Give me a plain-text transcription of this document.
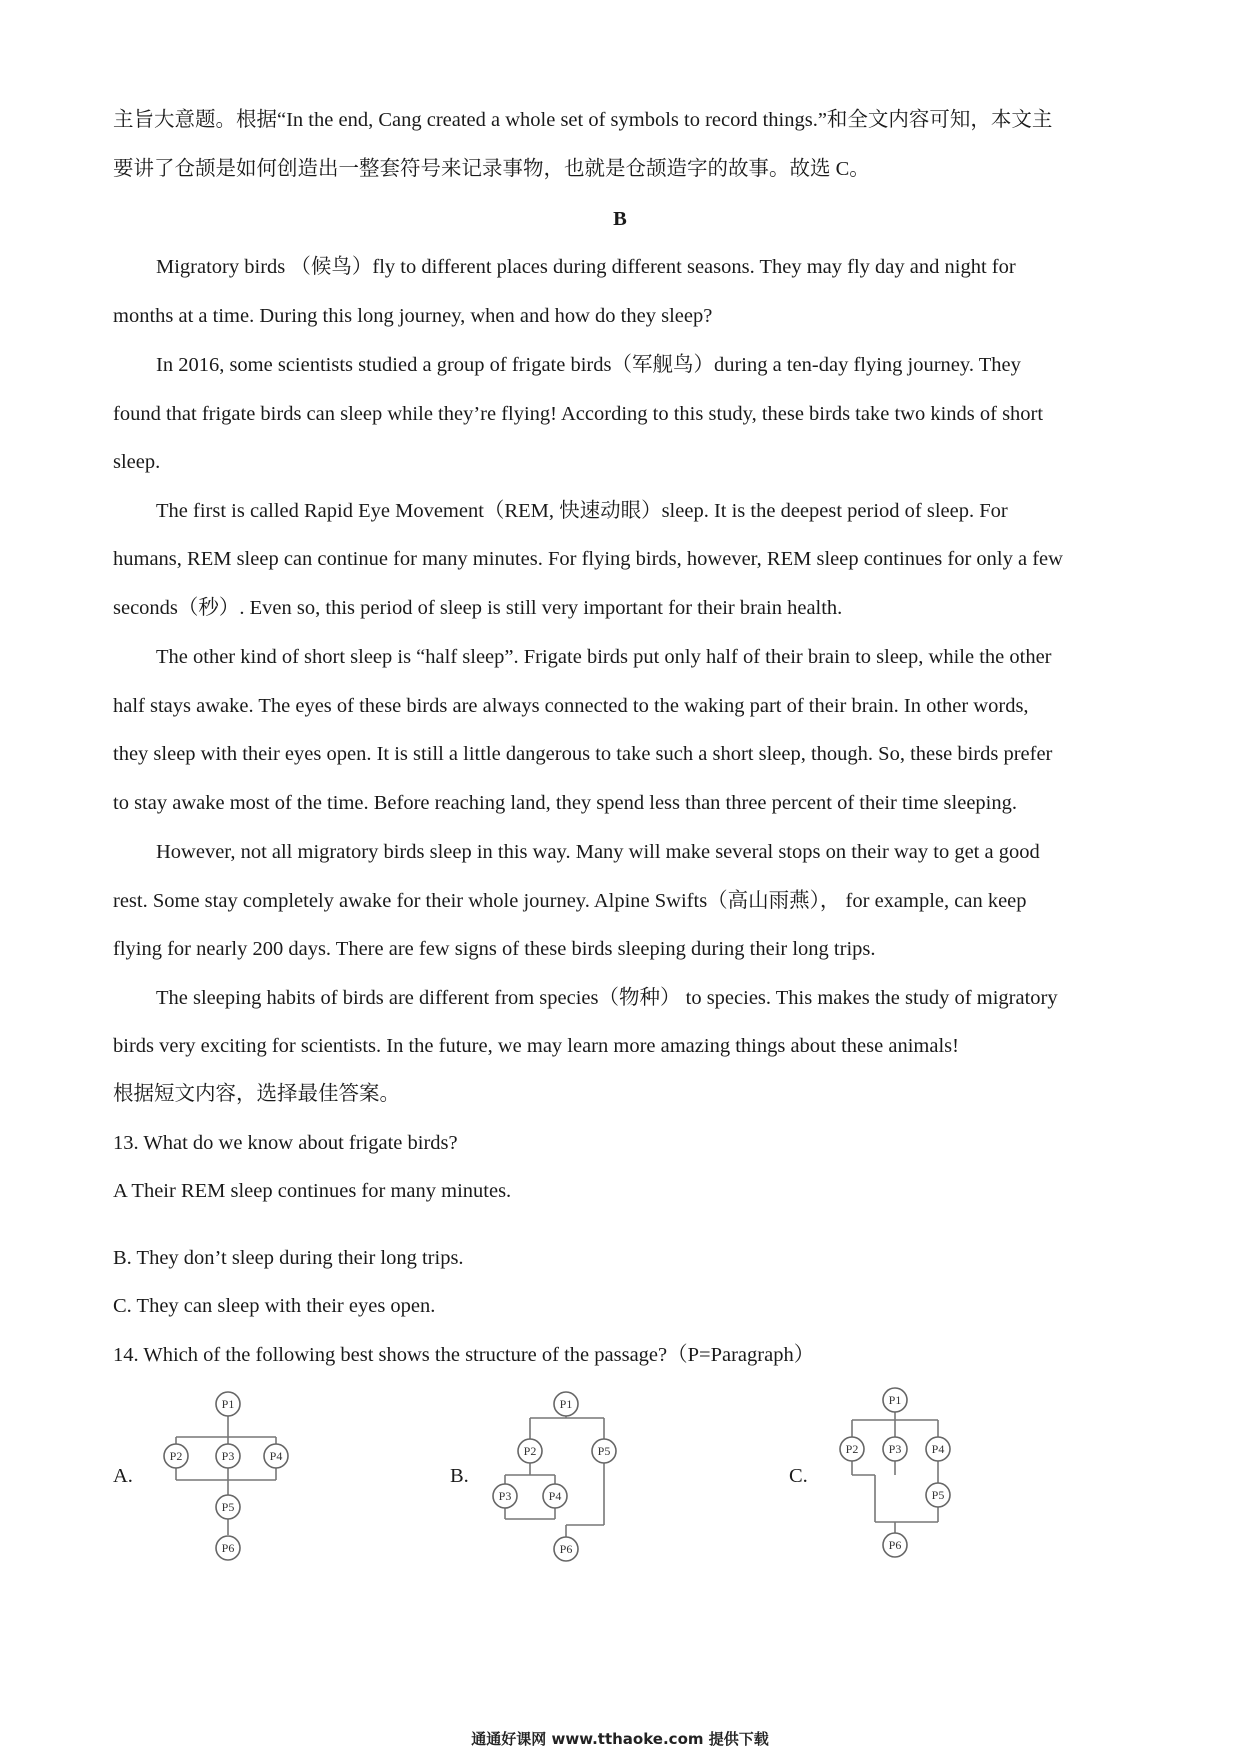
主旨大意题。根据“In the end, Cang created a whole set of symbols to record things.”和全文内容可知，本文主
要讲了仓颉是如何创造出一整套符号来记录事物，也就是仓颉造字的故事。故选 C。
B
Migratory birds （候鸟）fly to different places during different seasons. They may fly day and night for
months at a time. During this long journey, when and how do they sleep?
In 2016, some scientists studied a group of frigate birds（军舰鸟）during a ten-day flying journey. They
found that frigate birds can sleep while they’re flying! According to this study, these birds take two kinds of short
sleep.
The first is called Rapid Eye Movement（REM, 快速动眼）sleep. It is the deepest period of sleep. For
humans, REM sleep can continue for many minutes. For flying birds, however, REM sleep continues for only a few
seconds（秒）. Even so, this period of sleep is still very important for their brain health.
The other kind of short sleep is “half sleep”. Frigate birds put only half of their brain to sleep, while the other
half stays awake. The eyes of these birds are always connected to the waking part of their brain. In other words,
they sleep with their eyes open. It is still a little dangerous to take such a short sleep, though. So, these birds prefer
to stay awake most of the time. Before reaching land, they spend less than three percent of their time sleeping.
However, not all migratory birds sleep in this way. Many will make several stops on their way to get a good
rest. Some stay completely awake for their whole journey. Alpine Swifts（高山雨燕）， for example, can keep
flying for nearly 200 days. There are few signs of these birds sleeping during their long trips.
The sleeping habits of birds are different from species（物种） to species. This makes the study of migratory
birds very exciting for scientists. In the future, we may learn more amazing things about these animals!
根据短文内容，选择最佳答案。
13. What do we know about frigate birds?
A Their REM sleep continues for many minutes.
B. They don’t sleep during their long trips.
C. They can sleep with their eyes open.
14. Which of the following best shows the structure of the passage?（P=Paragraph）
A.	B.	C.
P1
P2	P3	P4
P5
P6
P1
P2	P5
P3	P4
P6
P1
P2	P3	P4
P5
P6
通通好课网 www.tthaoke.com 提供下载
